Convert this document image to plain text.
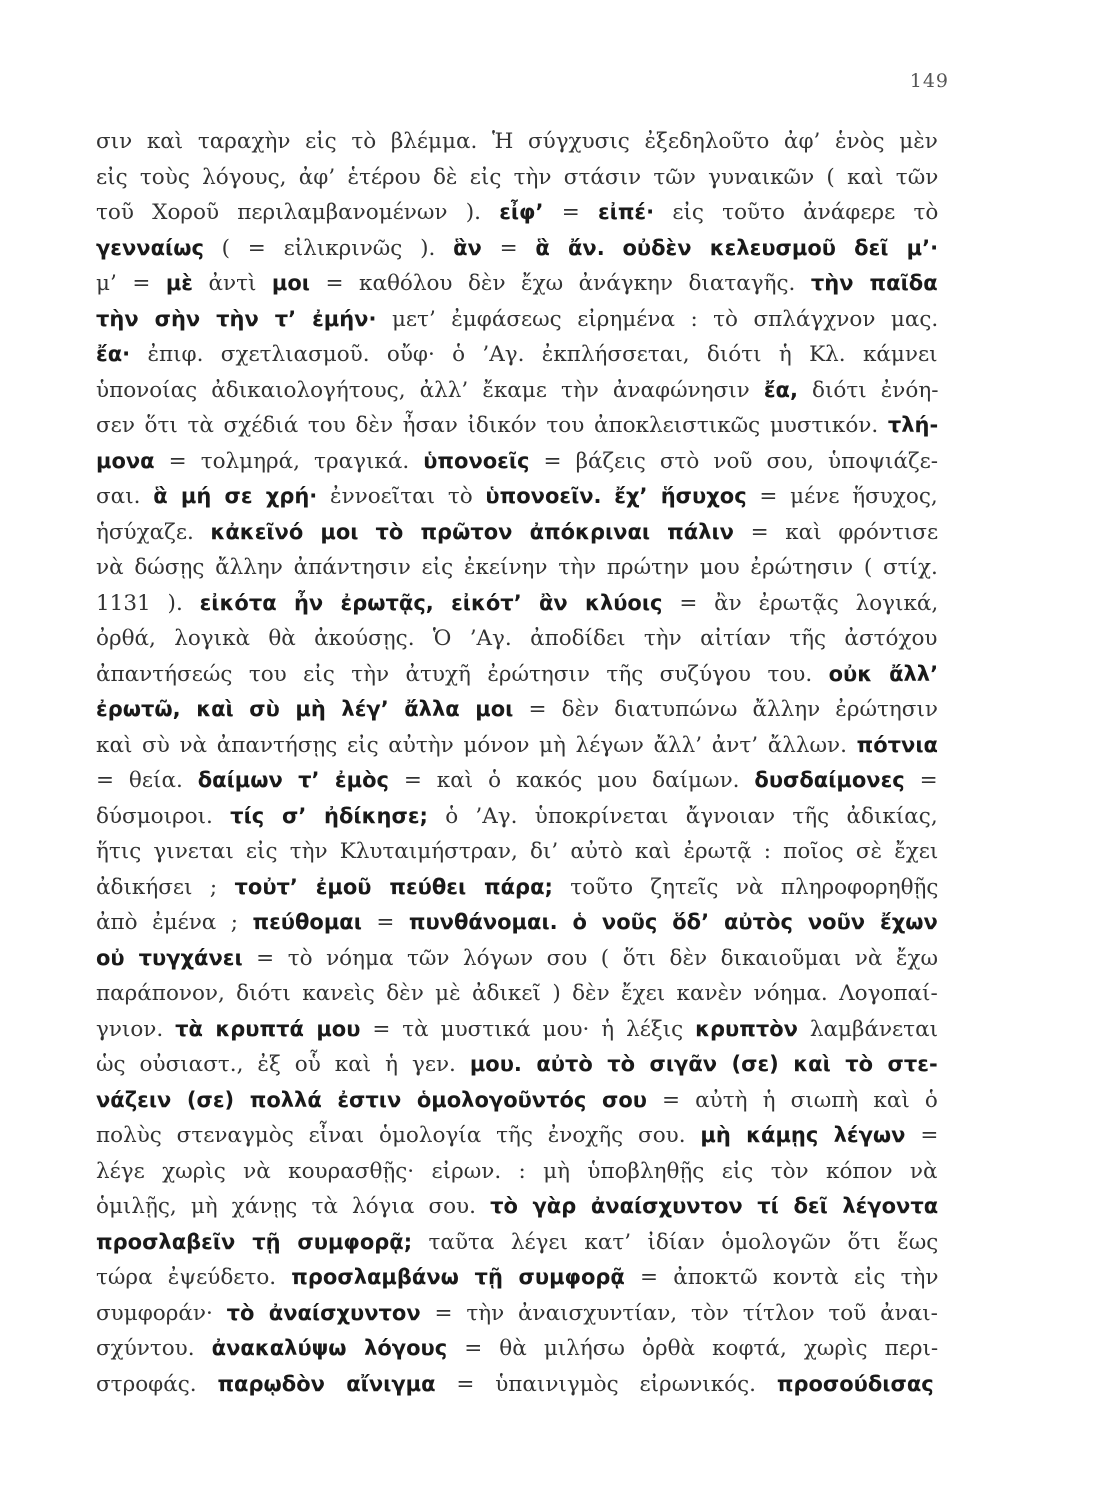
149
σιν καὶ ταραχὴν εἰς τὸ βλέμμα. Ἡ σύγχυσις ἐξεδηλοῦτο ἀφ’ ἑνὸς μὲν
εἰς τοὺς λόγους, ἀφ’ ἑτέρου δὲ εἰς τὴν στάσιν τῶν γυναικῶν ( καὶ τῶν
τοῦ Χοροῦ περιλαμβανομένων ). εἶφ’ = εἰπέ· εἰς τοῦτο ἀνάφερε τὸ
γενναίως ( = εἰλικρινῶς ). ἃν = ἃ ἄν. οὐδὲν κελευσμοῦ δεῖ μ’·
μ’ = μὲ ἀντὶ μοι = καθόλου δὲν ἔχω ἀνάγκην διαταγῆς. τὴν παῖδα
τὴν σὴν τὴν τ’ ἐμήν· μετ’ ἐμφάσεως εἰρημένα : τὸ σπλάγχνον μας.
ἔα· ἐπιφ. σχετλιασμοῦ. οὔφ· ὁ ’Αγ. ἐκπλήσσεται, διότι ἡ Κλ. κάμνει
ὑπονοίας ἀδικαιολογήτους, ἀλλ’ ἔκαμε τὴν ἀναφώνησιν ἔα, διότι ἐνόη-
σεν ὅτι τὰ σχέδιά του δὲν ἦσαν ἰδικόν του ἀποκλειστικῶς μυστικόν. τλή-
μονα = τολμηρά, τραγικά. ὑπονοεῖς = βάζεις στὸ νοῦ σου, ὑποψιάζε-
σαι. ἃ μή σε χρή· ἐννοεῖται τὸ ὑπονοεῖν. ἔχ’ ἥσυχος = μένε ἥσυχος,
ἡσύχαζε. κἀκεῖνό μοι τὸ πρῶτον ἀπόκριναι πάλιν = καὶ φρόντισε
νὰ δώσῃς ἄλλην ἀπάντησιν εἰς ἐκείνην τὴν πρώτην μου ἐρώτησιν ( στίχ.
1131 ). εἰκότα ἦν ἐρωτᾷς, εἰκότ’ ἂν κλύοις = ἂν ἐρωτᾷς λογικά,
ὀρθά, λογικὰ θὰ ἀκούσῃς. Ὁ ’Αγ. ἀποδίδει τὴν αἰτίαν τῆς ἀστόχου
ἀπαντήσεώς του εἰς τὴν ἀτυχῆ ἐρώτησιν τῆς συζύγου του. οὐκ ἄλλ’
ἐρωτῶ, καὶ σὺ μὴ λέγ’ ἄλλα μοι = δὲν διατυπώνω ἄλλην ἐρώτησιν
καὶ σὺ νὰ ἀπαντήσῃς εἰς αὐτὴν μόνον μὴ λέγων ἄλλ’ ἀντ’ ἄλλων. πότνια
= θεία. δαίμων τ’ ἐμὸς = καὶ ὁ κακός μου δαίμων. δυσδαίμονες =
δύσμοιροι. τίς σ’ ἠδίκησε; ὁ ’Αγ. ὑποκρίνεται ἄγνοιαν τῆς ἀδικίας,
ἥτις γινεται εἰς τὴν Κλυταιμήστραν, δι’ αὐτὸ καὶ ἐρωτᾷ : ποῖος σὲ ἔχει
ἀδικήσει ; τοὐτ’ ἐμοῦ πεύθει πάρα; τοῦτο ζητεῖς νὰ πληροφορηθῇς
ἀπὸ ἐμένα ; πεύθομαι = πυνθάνομαι. ὁ νοῦς ὅδ’ αὐτὸς νοῦν ἔχων
οὐ τυγχάνει = τὸ νόημα τῶν λόγων σου ( ὅτι δὲν δικαιοῦμαι νὰ ἔχω
παράπονον, διότι κανεὶς δὲν μὲ ἀδικεῖ ) δὲν ἔχει κανὲν νόημα. Λογοπαί-
γνιον. τὰ κρυπτά μου = τὰ μυστικά μου· ἡ λέξις κρυπτὸν λαμβάνεται
ὡς οὐσιαστ., ἐξ οὗ καὶ ἡ γεν. μου. αὐτὸ τὸ σιγᾶν (σε) καὶ τὸ στε-
νάζειν (σε) πολλά ἐστιν ὁμολογοῦντός σου = αὐτὴ ἡ σιωπὴ καὶ ὁ
πολὺς στεναγμὸς εἶναι ὁμολογία τῆς ἐνοχῆς σου. μὴ κάμῃς λέγων =
λέγε χωρὶς νὰ κουρασθῇς· εἰρων. : μὴ ὑποβληθῇς εἰς τὸν κόπον νὰ
ὁμιλῇς, μὴ χάνῃς τὰ λόγια σου. τὸ γὰρ ἀναίσχυντον τί δεῖ λέγοντα
προσλαβεῖν τῇ συμφορᾷ; ταῦτα λέγει κατ’ ἰδίαν ὁμολογῶν ὅτι ἕως
τώρα ἐψεύδετο. προσλαμβάνω τῇ συμφορᾷ = ἀποκτῶ κοντὰ εἰς τὴν
συμφοράν· τὸ ἀναίσχυντον = τὴν ἀναισχυντίαν, τὸν τίτλον τοῦ ἀναι-
σχύντου. ἀνακαλύψω λόγους = θὰ μιλήσω ὀρθὰ κοφτά, χωρὶς περι-
στροφάς. παρῳδὸν αἴνιγμα = ὑπαινιγμὸς εἰρωνικός. προσούδισας
